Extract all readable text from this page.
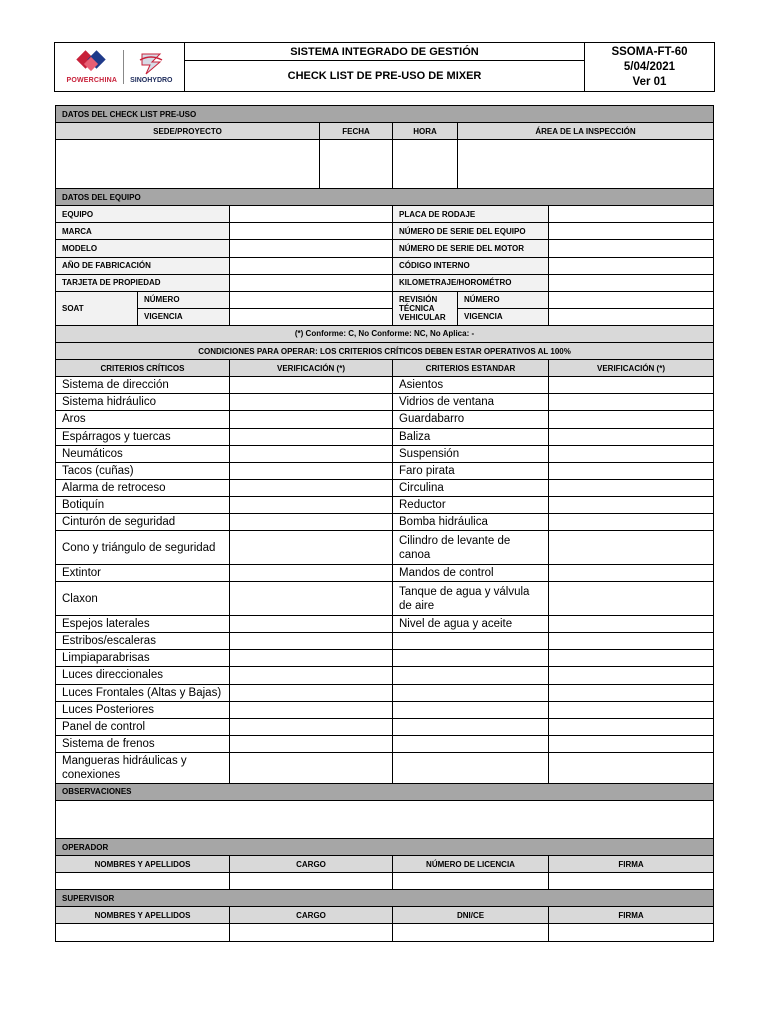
POWERCHINA SINOHYDRO
	SISTEMA INTEGRADO DE GESTIÓN	SSOMA-FT-60
5/04/2021
Ver 01

CHECK LIST DE PRE-USO DE MIXER
DATOS DEL CHECK LIST PRE-USO						
SEDE/PROYECTO			FECHA	HORA	ÁREA DE LA INSPECCIÓN	

DATOS DEL EQUIPO						
EQUIPO				PLACA DE RODAJE		
MARCA				NÚMERO DE SERIE DEL EQUIPO		
MODELO				NÚMERO DE SERIE DEL MOTOR		
AÑO DE FABRICACIÓN				CÓDIGO INTERNO		
TARJETA DE PROPIEDAD				KILOMETRAJE/HOROMÉTRO		
SOAT	NÚMERO			REVISIÓN TÉCNICA VEHICULAR	NÚMERO	
	VIGENCIA				VIGENCIA	
(*) Conforme: C, No Conforme: NC, No Aplica: -						
CONDICIONES PARA OPERAR: LOS CRITERIOS CRÍTICOS DEBEN ESTAR OPERATIVOS AL 100%						
CRITERIOS CRÍTICOS		VERIFICACIÓN (*)		CRITERIOS ESTANDAR		VERIFICACIÓN (*)
Sistema de dirección				Asientos		
Sistema hidráulico				Vidrios de ventana		
Aros				Guardabarro		
Espárragos y tuercas				Baliza		
Neumáticos				Suspensión		
Tacos (cuñas)				Faro pirata		
Alarma de retroceso				Circulina		
Botiquín				Reductor		
Cinturón de seguridad				Bomba hidráulica		
Cono y triángulo de seguridad				Cilindro de levante de canoa		
Extintor				Mandos de control		
Claxon				Tanque de agua y válvula de aire		
Espejos laterales				Nivel de agua y aceite		
Estribos/escaleras						
Limpiaparabrisas						
Luces direccionales						
Luces Frontales (Altas y Bajas)						
Luces Posteriores						
Panel de control						
Sistema de frenos						
Mangueras hidráulicas y conexiones						
OBSERVACIONES						

OPERADOR						
NOMBRES Y APELLIDOS		CARGO		NÚMERO DE LICENCIA		FIRMA

SUPERVISOR						
NOMBRES Y APELLIDOS		CARGO		DNI/CE		FIRMA
